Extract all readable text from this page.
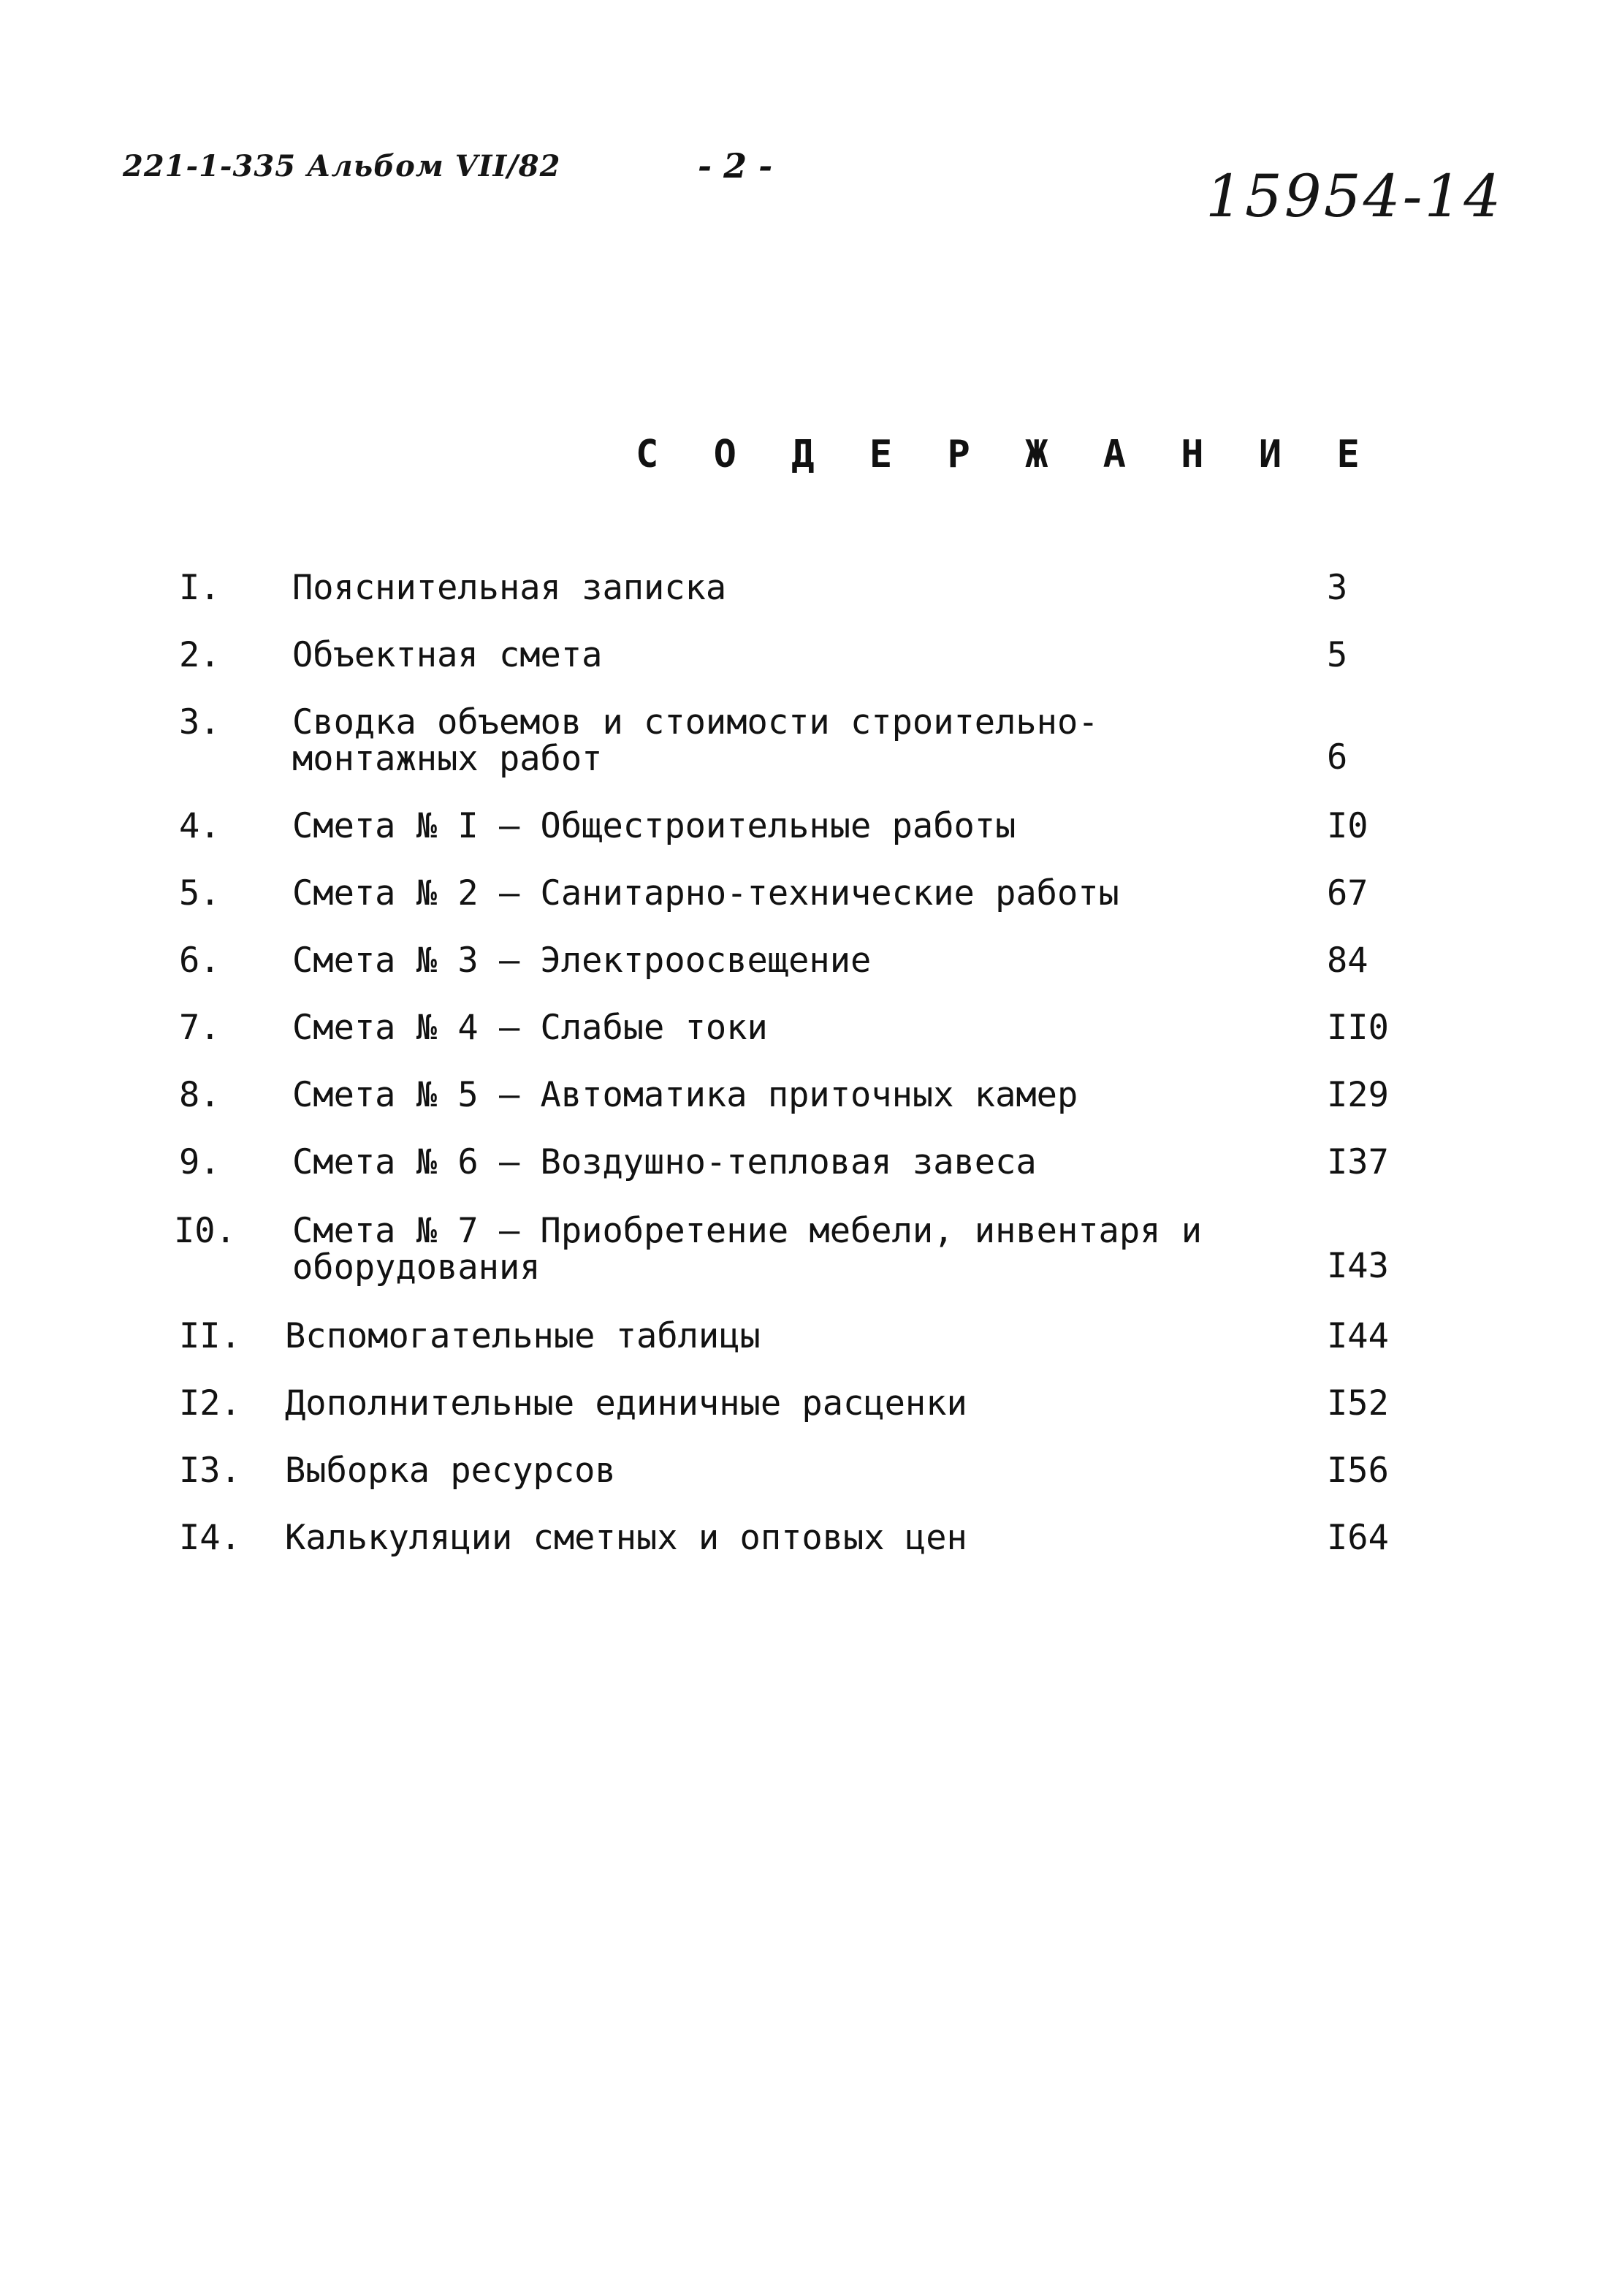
221-1-335 Альбом VII/82	- 2 -	15954-14
С О Д Е Р Ж А Н И Е
I. Пояснительная записка	3
2. Объектная смета	5
3. Сводка объемов и стоимости строительно-монтажных работ	6
4. Смета № I – Общестроительные работы	I0
5. Смета № 2 – Санитарно-технические работы	67
6. Смета № 3 – Электроосвещение	84
7. Смета № 4 – Слабые токи	II0
8. Смета № 5 – Автоматика приточных камер	I29
9. Смета № 6 – Воздушно-тепловая завеса	I37
I0. Смета № 7 – Приобретение мебели, инвентаря и оборудования	I43
II. Вспомогательные таблицы	I44
I2. Дополнительные единичные расценки	I52
I3. Выборка ресурсов	I56
I4. Калькуляции сметных и оптовых цен	I64
